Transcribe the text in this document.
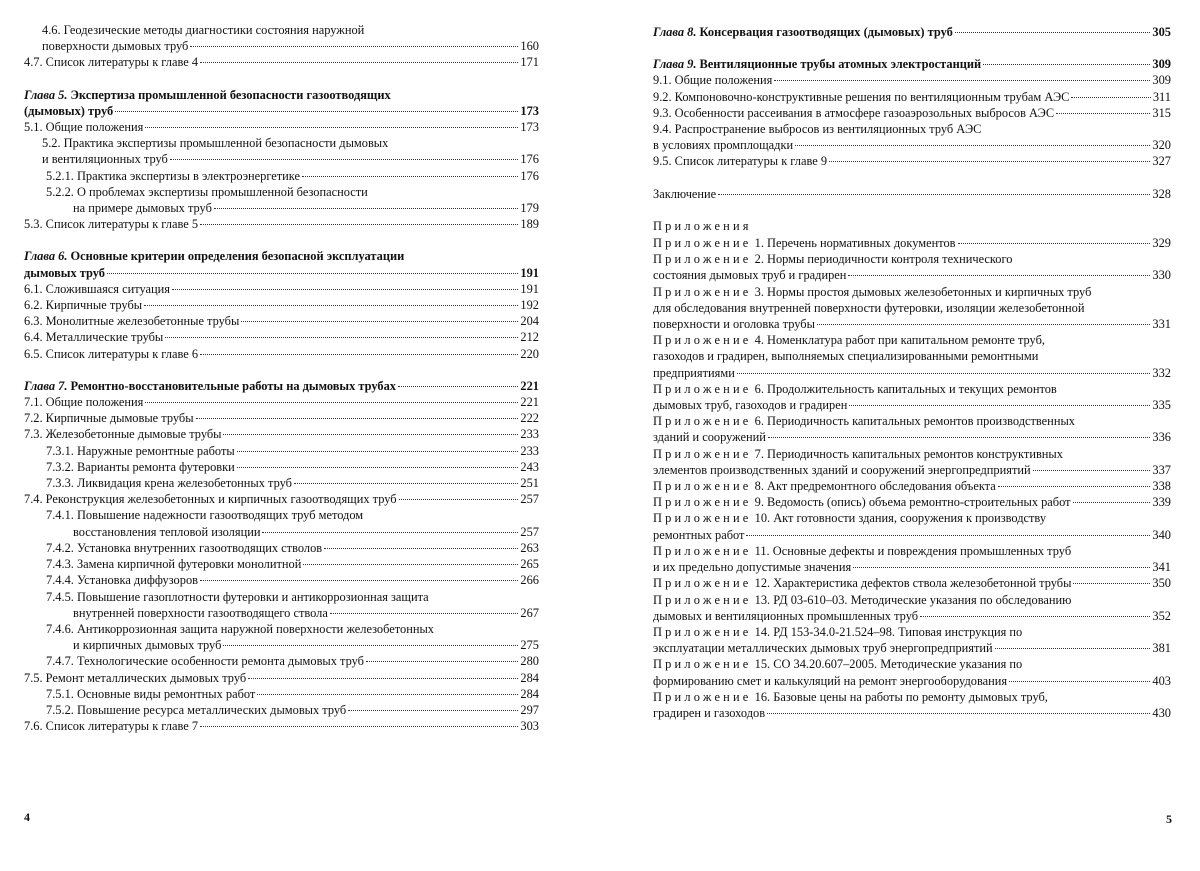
4.6. Геодезические методы диагностики состояния наружной
поверхности дымовых труб	160
4.7. Список литературы к главе 4	171
Глава 5. Экспертиза промышленной безопасности газоотводящих
(дымовых) труб	173
5.1. Общие положения	173
5.2. Практика экспертизы промышленной безопасности дымовых
и вентиляционных труб	176
5.2.1. Практика экспертизы в электроэнергетике	176
5.2.2. О проблемах экспертизы промышленной безопасности
на примере дымовых труб	179
5.3. Список литературы к главе 5	189
Глава 6. Основные критерии определения безопасной эксплуатации
дымовых труб	191
6.1. Сложившаяся ситуация	191
6.2. Кирпичные трубы	192
6.3. Монолитные железобетонные трубы	204
6.4. Металлические трубы	212
6.5. Список литературы к главе 6	220
Глава 7. Ремонтно-восстановительные работы на дымовых трубах	221
7.1. Общие положения	221
7.2. Кирпичные дымовые трубы	222
7.3. Железобетонные дымовые трубы	233
7.3.1. Наружные ремонтные работы	233
7.3.2. Варианты ремонта футеровки	243
7.3.3. Ликвидация крена железобетонных труб	251
7.4. Реконструкция железобетонных и кирпичных газоотводящих труб	257
7.4.1. Повышение надежности газоотводящих труб методом
восстановления тепловой изоляции	257
7.4.2. Установка внутренних газоотводящих стволов	263
7.4.3. Замена кирпичной футеровки монолитной	265
7.4.4. Установка диффузоров	266
7.4.5. Повышение газоплотности футеровки и антикоррозионная защита
внутренней поверхности газоотводящего ствола	267
7.4.6. Антикоррозионная защита наружной поверхности железобетонных
и кирпичных дымовых труб	275
7.4.7. Технологические особенности ремонта дымовых труб	280
7.5. Ремонт металлических дымовых труб	284
7.5.1. Основные виды ремонтных работ	284
7.5.2. Повышение ресурса металлических дымовых труб	297
7.6. Список литературы к главе 7	303
4
Глава 8. Консервация газоотводящих (дымовых) труб	305
Глава 9. Вентиляционные трубы атомных электростанций	309
9.1. Общие положения	309
9.2. Компоновочно-конструктивные решения по вентиляционным трубам АЭС	311
9.3. Особенности рассеивания в атмосфере газоаэрозольных выбросов АЭС	315
9.4. Распространение выбросов из вентиляционных труб АЭС
в условиях промплощадки	320
9.5. Список литературы к главе 9	327
Заключение	328
Приложения
Приложение 1. Перечень нормативных документов	329
Приложение 2. Нормы периодичности контроля технического
состояния дымовых труб и градирен	330
Приложение 3. Нормы простоя дымовых железобетонных и кирпичных труб
для обследования внутренней поверхности футеровки, изоляции железобетонной
поверхности и оголовка трубы	331
Приложение 4. Номенклатура работ при капитальном ремонте труб,
газоходов и градирен, выполняемых специализированными ремонтными
предприятиями	332
Приложение 6. Продолжительность капитальных и текущих ремонтов
дымовых труб, газоходов и градирен	335
Приложение 6. Периодичность капитальных ремонтов производственных
зданий и сооружений	336
Приложение 7. Периодичность капитальных ремонтов конструктивных
элементов производственных зданий и сооружений энергопредприятий	337
Приложение 8. Акт предремонтного обследования объекта	338
Приложение 9. Ведомость (опись) объема ремонтно-строительных работ	339
Приложение 10. Акт готовности здания, сооружения к производству
ремонтных работ	340
Приложение 11. Основные дефекты и повреждения промышленных труб
и их предельно допустимые значения	341
Приложение 12. Характеристика дефектов ствола железобетонной трубы	350
Приложение 13. РД 03-610–03. Методические указания по обследованию
дымовых и вентиляционных промышленных труб	352
Приложение 14. РД 153-34.0-21.524–98. Типовая инструкция по
эксплуатации металлических дымовых труб энергопредприятий	381
Приложение 15. СО 34.20.607–2005. Методические указания по
формированию смет и калькуляций на ремонт энергооборудования	403
Приложение 16. Базовые цены на работы по ремонту дымовых труб,
градирен и газоходов	430
5
